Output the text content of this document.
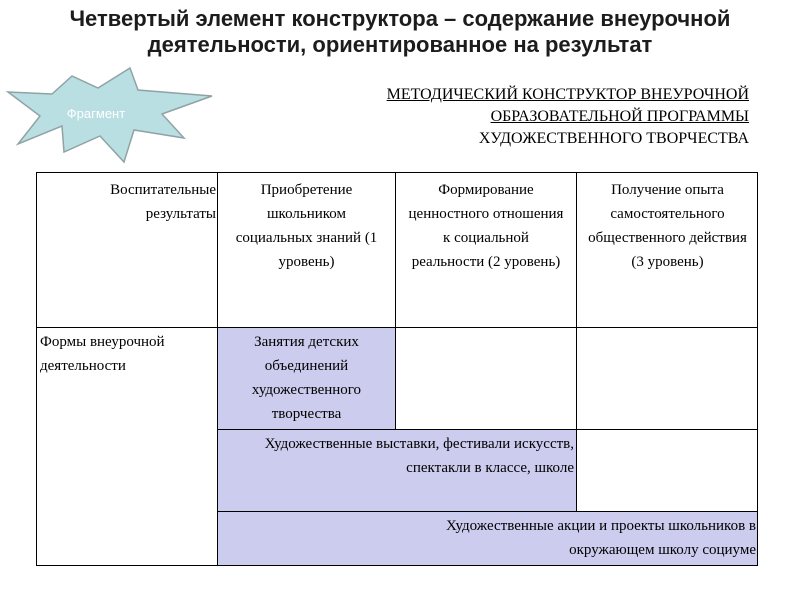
Четвертый элемент конструктора – содержание внеурочной
деятельности, ориентированное на результат
Фрагмент
МЕТОДИЧЕСКИЙ КОНСТРУКТОР ВНЕУРОЧНОЙ
ОБРАЗОВАТЕЛЬНОЙ ПРОГРАММЫ
ХУДОЖЕСТВЕННОГО ТВОРЧЕСТВА
Воспитательные результаты
Приобретение школьником социальных знаний (1 уровень)
Формирование ценностного отношения к социальной реальности (2 уровень)
Получение опыта самостоятельного общественного действия (3 уровень)
Формы внеурочной деятельности
Занятия детских объединений художественного творчества
Художественные выставки, фестивали искусств, спектакли в классе, школе
Художественные акции и проекты школьников в окружающем школу социуме
